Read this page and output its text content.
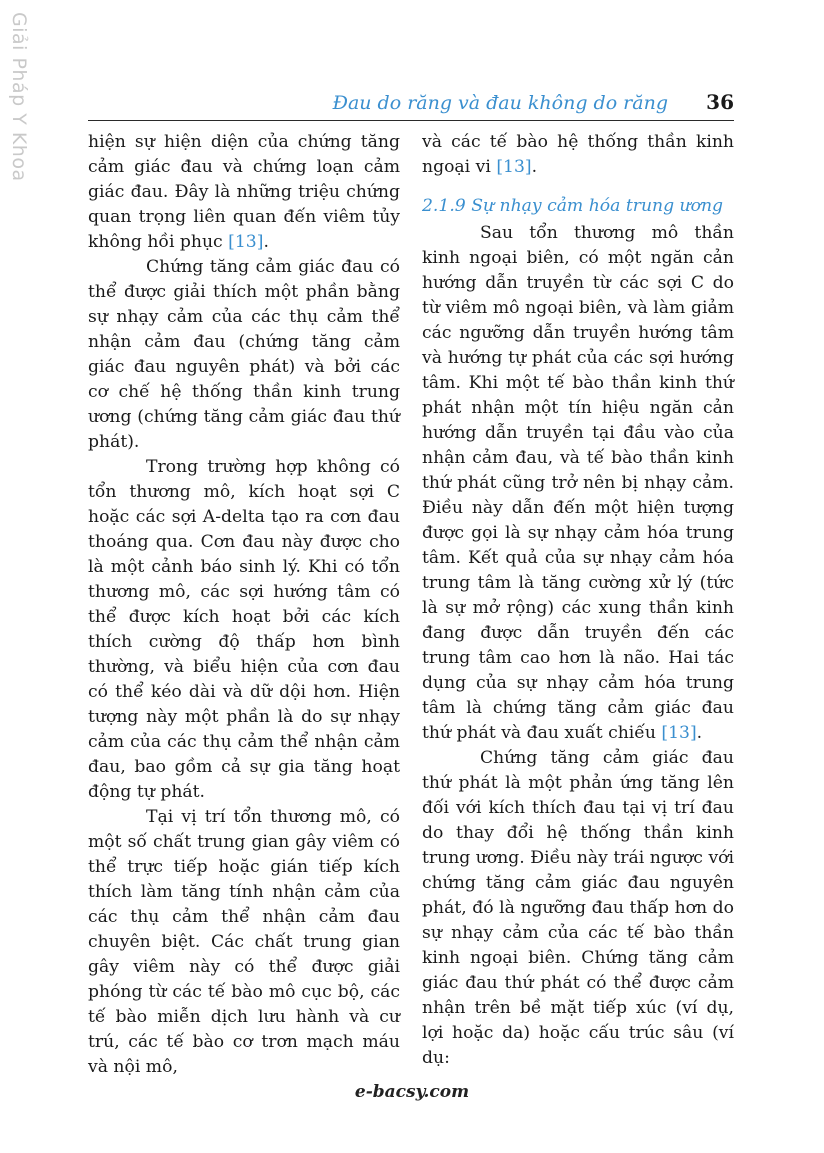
Giải Pháp Y Khoa	Đau do răng và đau không do răng 36

hiện sự hiện diện của chứng tăng cảm giác đau và chứng loạn cảm giác đau. Đây là những triệu chứng quan trọng liên quan đến viêm tủy không hồi phục [13].

Chứng tăng cảm giác đau có thể được giải thích một phần bằng sự nhạy cảm của các thụ cảm thể nhận cảm đau (chứng tăng cảm giác đau nguyên phát) và bởi các cơ chế hệ thống thần kinh trung ương (chứng tăng cảm giác đau thứ phát).

Trong trường hợp không có tổn thương mô, kích hoạt sợi C hoặc các sợi A-delta tạo ra cơn đau thoáng qua. Cơn đau này được cho là một cảnh báo sinh lý. Khi có tổn thương mô, các sợi hướng tâm có thể được kích hoạt bởi các kích thích cường độ thấp hơn bình thường, và biểu hiện của cơn đau có thể kéo dài và dữ dội hơn. Hiện tượng này một phần là do sự nhạy cảm của các thụ cảm thể nhận cảm đau, bao gồm cả sự gia tăng hoạt động tự phát.

Tại vị trí tổn thương mô, có một số chất trung gian gây viêm có thể trực tiếp hoặc gián tiếp kích thích làm tăng tính nhận cảm của các thụ cảm thể nhận cảm đau chuyên biệt. Các chất trung gian gây viêm này có thể được giải phóng từ các tế bào mô cục bộ, các tế bào miễn dịch lưu hành và cư trú, các tế bào cơ trơn mạch máu và nội mô,

và các tế bào hệ thống thần kinh ngoại vi [13].

2.1.9 Sự nhạy cảm hóa trung ương

Sau tổn thương mô thần kinh ngoại biên, có một ngăn cản hướng dẫn truyền từ các sợi C do từ viêm mô ngoại biên, và làm giảm các ngưỡng dẫn truyền hướng tâm và hướng tự phát của các sợi hướng tâm. Khi một tế bào thần kinh thứ phát nhận một tín hiệu ngăn cản hướng dẫn truyền tại đầu vào của nhận cảm đau, và tế bào thần kinh thứ phát cũng trở nên bị nhạy cảm. Điều này dẫn đến một hiện tượng được gọi là sự nhạy cảm hóa trung tâm. Kết quả của sự nhạy cảm hóa trung tâm là tăng cường xử lý (tức là sự mở rộng) các xung thần kinh đang được dẫn truyền đến các trung tâm cao hơn là não. Hai tác dụng của sự nhạy cảm hóa trung tâm là chứng tăng cảm giác đau thứ phát và đau xuất chiếu [13].

Chứng tăng cảm giác đau thứ phát là một phản ứng tăng lên đối với kích thích đau tại vị trí đau do thay đổi hệ thống thần kinh trung ương. Điều này trái ngược với chứng tăng cảm giác đau nguyên phát, đó là ngưỡng đau thấp hơn do sự nhạy cảm của các tế bào thần kinh ngoại biên. Chứng tăng cảm giác đau thứ phát có thể được cảm nhận trên bề mặt tiếp xúc (ví dụ, lợi hoặc da) hoặc cấu trúc sâu (ví dụ:

e-bacsy.com
